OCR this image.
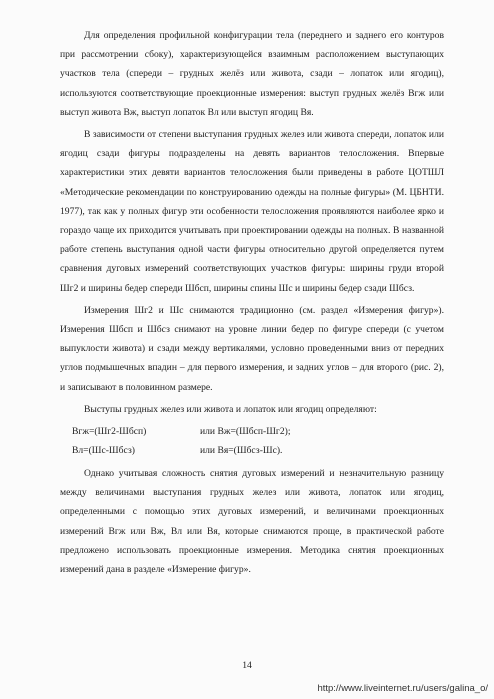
Для определения профильной конфигурации тела (переднего и заднего его контуров при рассмотрении сбоку), характеризующейся взаимным расположением выступающих участков тела (спереди – грудных желёз или живота, сзади – лопаток или ягодиц), используются соответствующие проекционные измерения: выступ грудных желёз Вгж или выступ живота Вж, выступ лопаток Вл или выступ ягодиц Вя.

В зависимости от степени выступания грудных желез или живота спереди, лопаток или ягодиц сзади фигуры подразделены на девять вариантов телосложения. Впервые характеристики этих девяти вариантов телосложения были приведены в работе ЦОТШЛ «Методические рекомендации по конструированию одежды на полные фигуры» (М. ЦБНТИ. 1977), так как у полных фигур эти особенности телосложения проявляются наиболее ярко и гораздо чаще их приходится учитывать при проектировании одежды на полных. В названной работе степень выступания одной части фигуры относительно другой определяется путем сравнения дуговых измерений соответствующих участков фигуры: ширины груди второй Шг2 и ширины бедер спереди Шбсп, ширины спины Шс и ширины бедер сзади Шбсз.

Измерения Шг2 и Шс снимаются традиционно (см. раздел «Измерения фигур»). Измерения Шбсп и Шбсз снимают на уровне линии бедер по фигуре спереди (с учетом выпуклости живота) и сзади между вертикалями, условно проведенными вниз от передних углов подмышечных впадин – для первого измерения, и задних углов – для второго (рис. 2), и записывают в половинном размере.

Выступы грудных желез или живота и лопаток или ягодиц определяют:

Вгж=(Шг2-Шбсп)	или Вж=(Шбсп-Шг2);
Вл=(Шс-Шбсз)	или Вя=(Шбсз-Шс).

Однако учитывая сложность снятия дуговых измерений и незначительную разницу между величинами выступания грудных желез или живота, лопаток или ягодиц, определенными с помощью этих дуговых измерений, и величинами проекционных измерений Вгж или Вж, Вл или Вя, которые снимаются проще, в практической работе предложено использовать проекционные измерения. Методика снятия проекционных измерений дана в разделе «Измерение фигур».

14
http://www.liveinternet.ru/users/galina_o/
